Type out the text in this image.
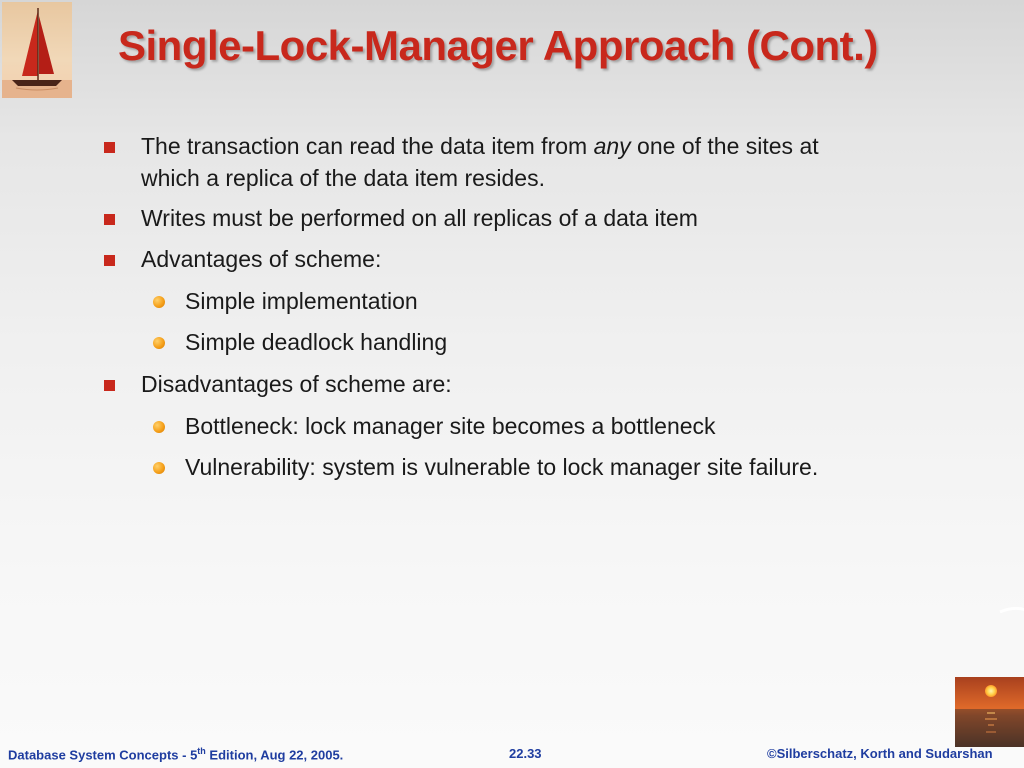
Single-Lock-Manager Approach (Cont.)
The transaction can read the data item from any one of the sites at
which a replica of the data item resides.
Writes must be performed on all replicas of a data item
Advantages of scheme:
Simple implementation
Simple deadlock handling
Disadvantages of scheme are:
Bottleneck: lock manager site becomes a bottleneck
Vulnerability: system is vulnerable to lock manager site failure.
Database System Concepts - 5th Edition, Aug 22, 2005.	22.33	©Silberschatz, Korth and Sudarshan
